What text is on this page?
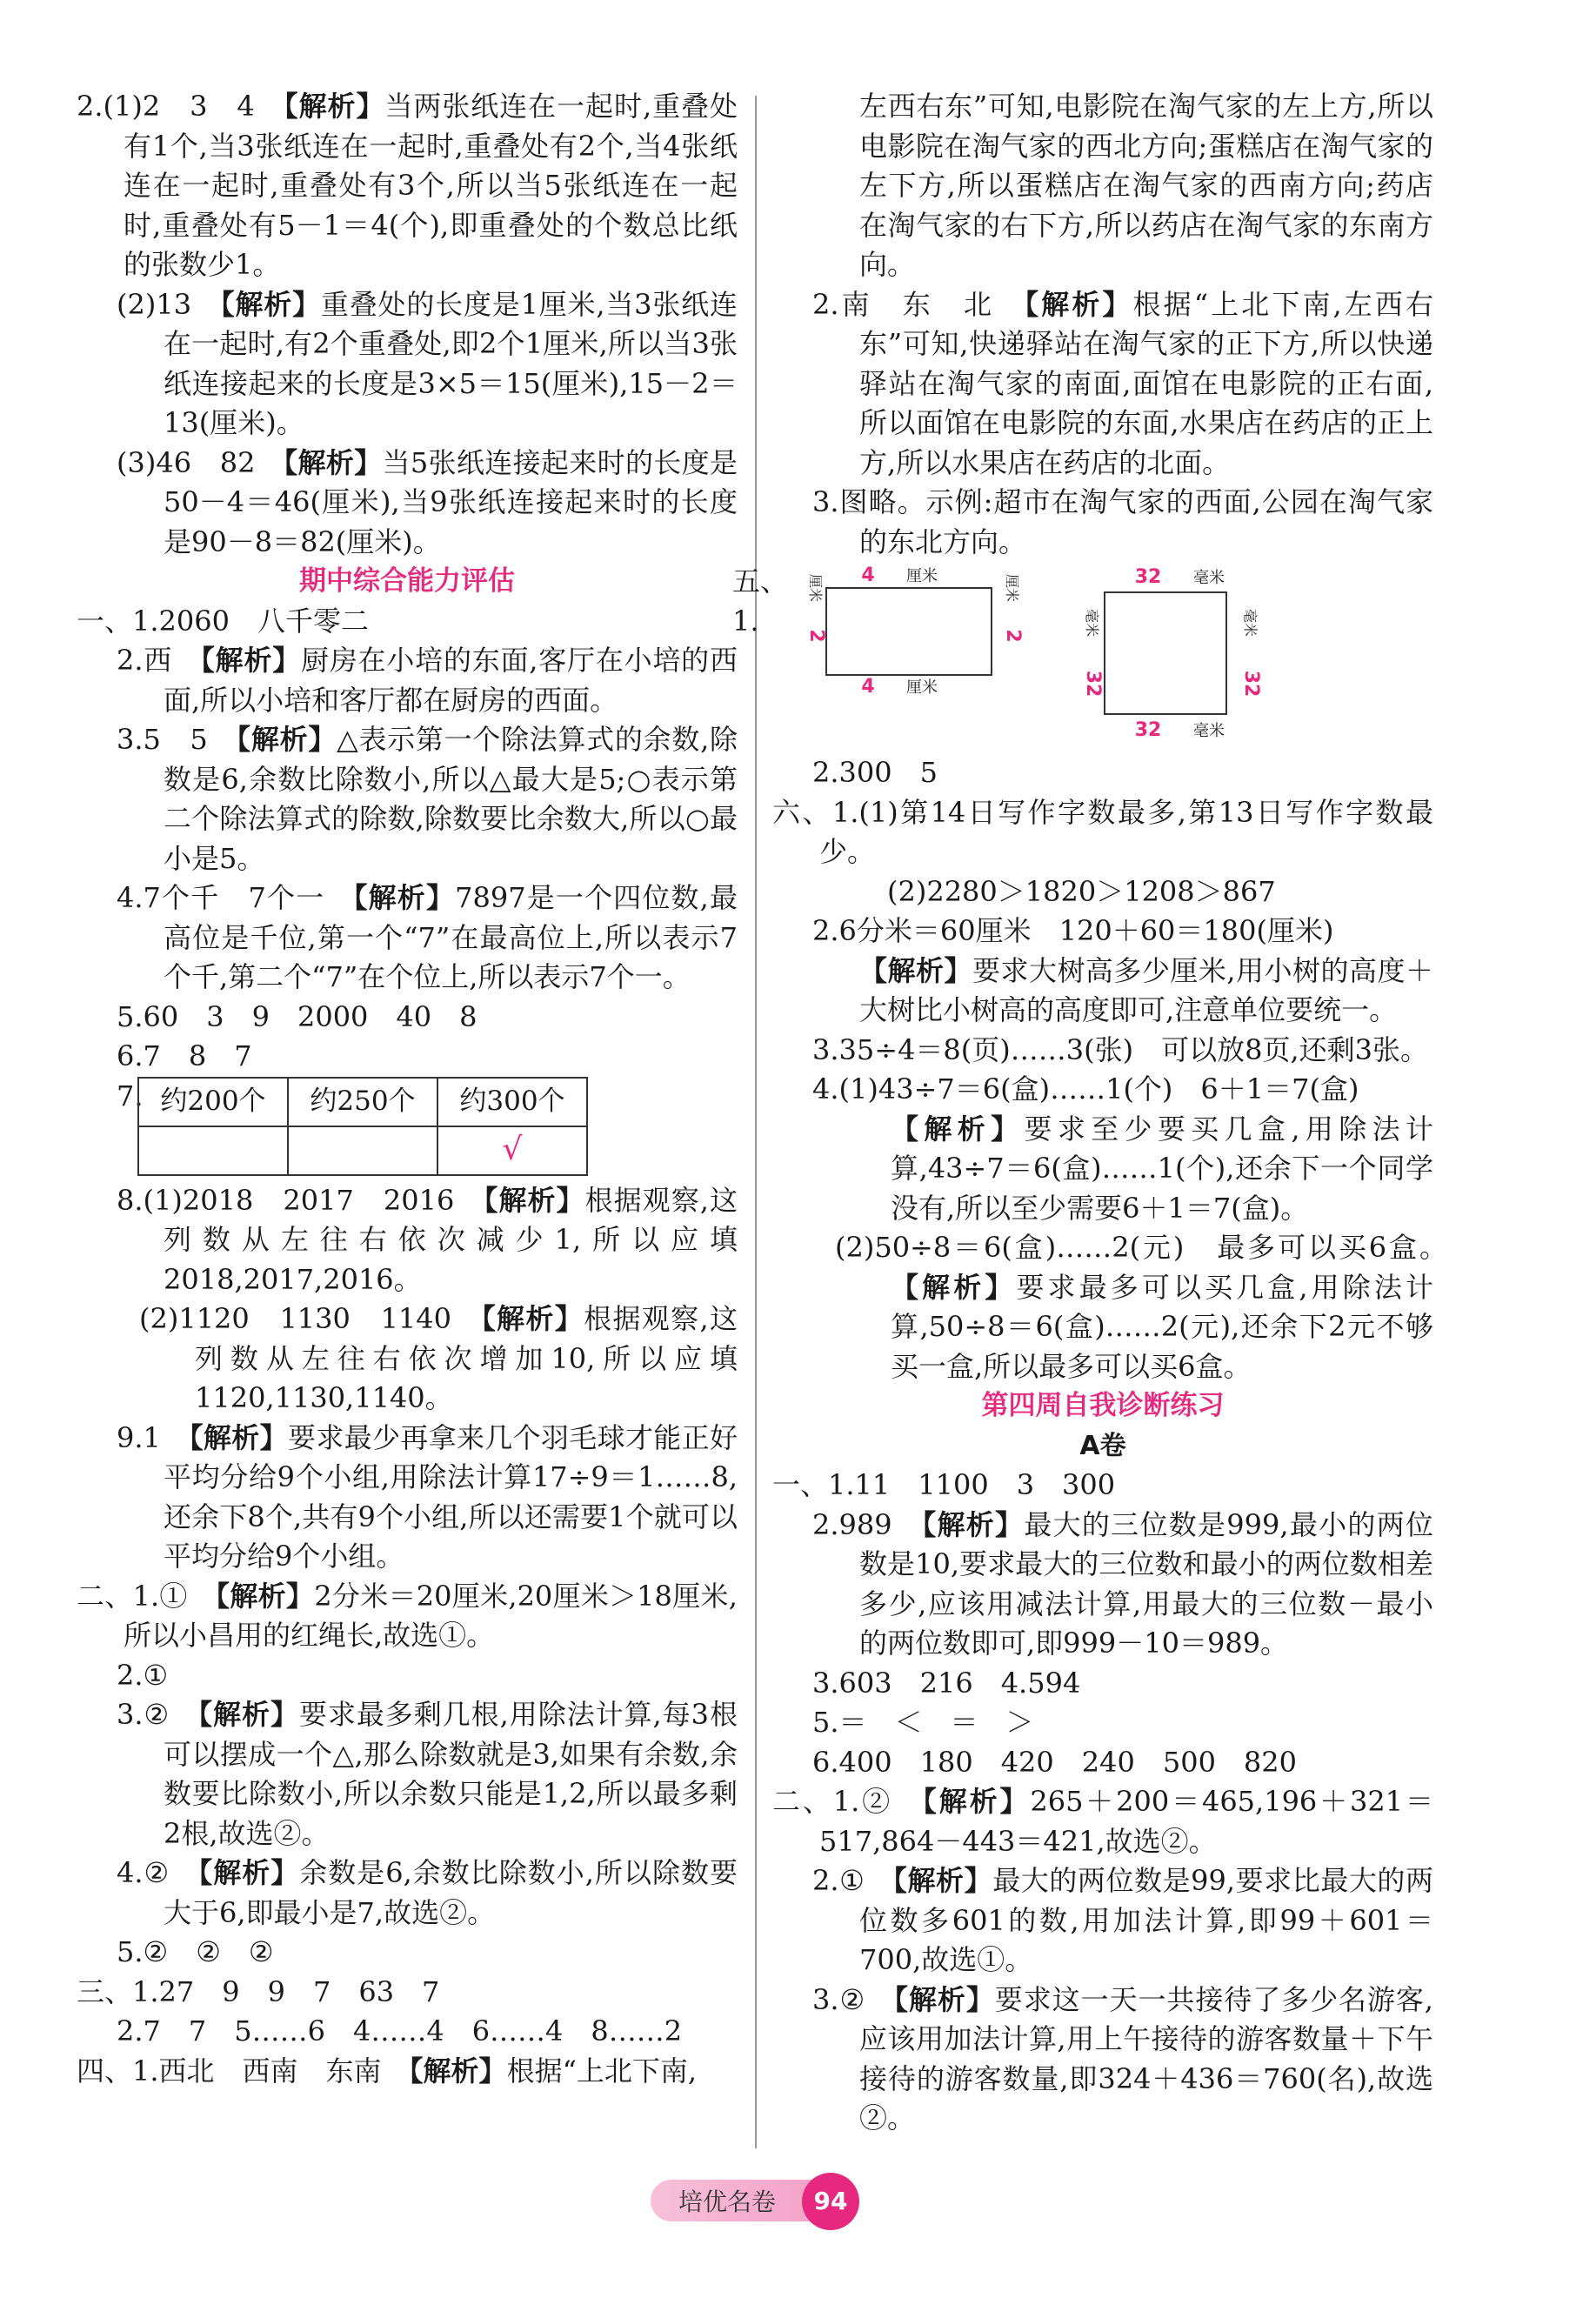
2.(1)2　3　4　【解析】当两张纸连在一起时,重叠处有1个,当3张纸连在一起时,重叠处有2个,当4张纸连在一起时,重叠处有3个,所以当5张纸连在一起时,重叠处有5－1＝4(个),即重叠处的个数总比纸的张数少1。

(2)13　【解析】重叠处的长度是1厘米,当3张纸连在一起时,有2个重叠处,即2个1厘米,所以当3张纸连接起来的长度是3×5＝15(厘米),15－2＝13(厘米)。

(3)46　82　【解析】当5张纸连接起来时的长度是50－4＝46(厘米),当9张纸连接起来时的长度是90－8＝82(厘米)。

期中综合能力评估

一、1.2060　八千零二

2.西　【解析】厨房在小培的东面,客厅在小培的西面,所以小培和客厅都在厨房的西面。

3.5　5　【解析】△表示第一个除法算式的余数,除数是6,余数比除数小,所以△最大是5;○表示第二个除法算式的除数,除数要比余数大,所以○最小是5。

4.7个千　7个一　【解析】7897是一个四位数,最高位是千位,第一个“7”在最高位上,所以表示7个千,第二个“7”在个位上,所以表示7个一。

5.60　3　9　2000　40　8

6.7　8　7

7. 约200个	约250个	约300个
		√

8.(1)2018　2017　2016　【解析】根据观察,这列数从左往右依次减少1,所以应填2018,2017,2016。

(2)1120　1130　1140　【解析】根据观察,这列数从左往右依次增加10,所以应填1120,1130,1140。

9.1　【解析】要求最少再拿来几个羽毛球才能正好平均分给9个小组,用除法计算17÷9＝1……8,还余下8个,共有9个小组,所以还需要1个就可以平均分给9个小组。

二、1.①　【解析】2分米＝20厘米,20厘米＞18厘米,所以小昌用的红绳长,故选①。

2.①

3.②　【解析】要求最多剩几根,用除法计算,每3根可以摆成一个△,那么除数就是3,如果有余数,余数要比除数小,所以余数只能是1,2,所以最多剩2根,故选②。

4.②　【解析】余数是6,余数比除数小,所以除数要大于6,即最小是7,故选②。

5.②　②　②

三、1.27　9　9　7　63　7

2.7　7　5……6　4……4　6……4　8……2

四、1.西北　西南　东南　【解析】根据“上北下南,

左西右东”可知,电影院在淘气家的左上方,所以电影院在淘气家的西北方向;蛋糕店在淘气家的左下方,所以蛋糕店在淘气家的西南方向;药店在淘气家的右下方,所以药店在淘气家的东南方向。

2.南　东　北　【解析】根据“上北下南,左西右东”可知,快递驿站在淘气家的正下方,所以快递驿站在淘气家的南面,面馆在电影院的正右面,所以面馆在电影院的东面,水果店在药店的正上方,所以水果店在药店的北面。

3.图略。示例:超市在淘气家的西面,公园在淘气家的东北方向。

五、1.
4 厘米
4 厘米
2
厘米
2
厘米	32 毫米
32 毫米
32
毫米
32
毫米

2.300　5

六、1.(1)第14日写作字数最多,第13日写作字数最少。

　(2)2280＞1820＞1208＞867

2.6分米＝60厘米　120＋60＝180(厘米)

【解析】要求大树高多少厘米,用小树的高度＋大树比小树高的高度即可,注意单位要统一。

3.35÷4＝8(页)……3(张)　可以放8页,还剩3张。

4.(1)43÷7＝6(盒)……1(个)　6＋1＝7(盒)

【解析】要求至少要买几盒,用除法计算,43÷7＝6(盒)……1(个),还余下一个同学没有,所以至少需要6＋1＝7(盒)。

(2)50÷8＝6(盒)……2(元)　最多可以买6盒。　【解析】要求最多可以买几盒,用除法计算,50÷8＝6(盒)……2(元),还余下2元不够买一盒,所以最多可以买6盒。

第四周自我诊断练习

A卷

一、1.11　1100　3　300

2.989　【解析】最大的三位数是999,最小的两位数是10,要求最大的三位数和最小的两位数相差多少,应该用减法计算,用最大的三位数－最小的两位数即可,即999－10＝989。

3.603　216　4.594

5.＝　＜　＝　＞

6.400　180　420　240　500　820

二、1.②　【解析】265＋200＝465,196＋321＝517,864－443＝421,故选②。

2.①　【解析】最大的两位数是99,要求比最大的两位数多601的数,用加法计算,即99＋601＝700,故选①。

3.②　【解析】要求这一天一共接待了多少名游客,应该用加法计算,用上午接待的游客数量＋下午接待的游客数量,即324＋436＝760(名),故选②。

培优名卷	94
